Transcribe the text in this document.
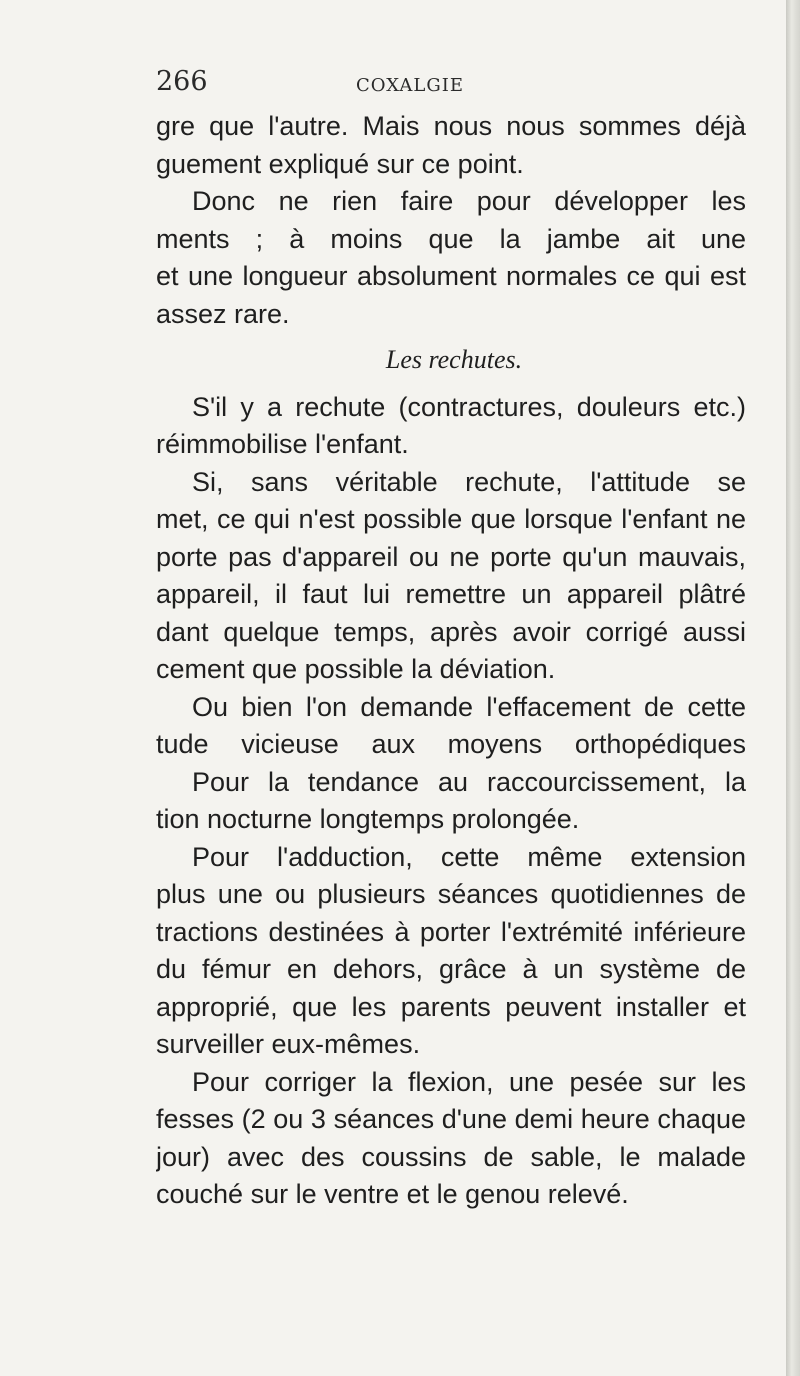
266	COXALGIE
gre que l'autre. Mais nous nous sommes déjà
guement expliqué sur ce point.
Donc ne rien faire pour développer les
ments ; à moins que la jambe ait une
et une longueur absolument normales ce qui est
assez rare.
Les rechutes.
S'il y a rechute (contractures, douleurs etc.)
réimmobilise l'enfant.
Si, sans véritable rechute, l'attitude se
met, ce qui n'est possible que lorsque l'enfant ne
porte pas d'appareil ou ne porte qu'un mauvais,
appareil, il faut lui remettre un appareil plâtré
dant quelque temps, après avoir corrigé aussi
cement que possible la déviation.
Ou bien l'on demande l'effacement de cette
tude vicieuse aux moyens orthopédiques
Pour la tendance au raccourcissement, la
tion nocturne longtemps prolongée.
Pour l'adduction, cette même extension
plus une ou plusieurs séances quotidiennes de
tractions destinées à porter l'extrémité inférieure
du fémur en dehors, grâce à un système de
approprié, que les parents peuvent installer et
surveiller eux-mêmes.
Pour corriger la flexion, une pesée sur les
fesses (2 ou 3 séances d'une demi heure chaque
jour) avec des coussins de sable, le malade
couché sur le ventre et le genou relevé.
